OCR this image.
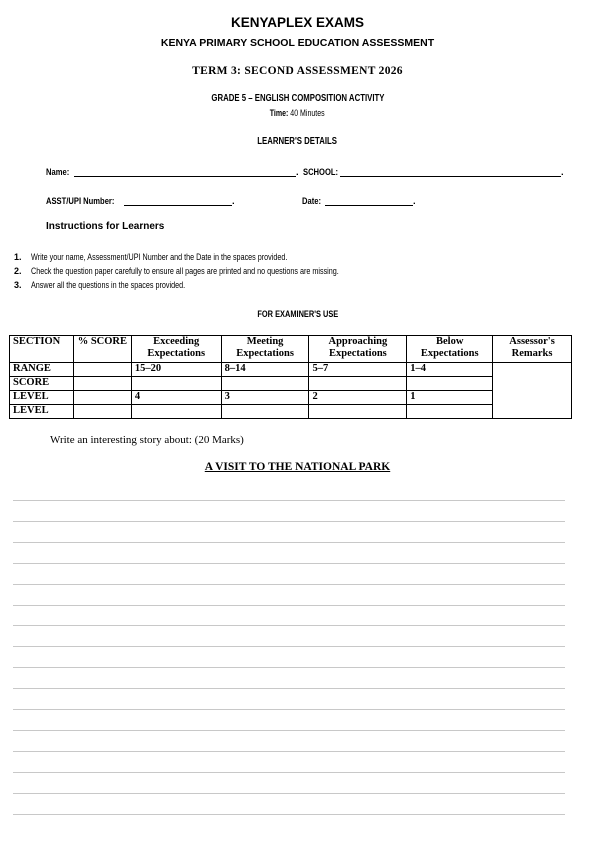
KENYAPLEX EXAMS
KENYA PRIMARY SCHOOL EDUCATION ASSESSMENT
TERM 3: SECOND ASSESSMENT 2026
GRADE 5 – ENGLISH COMPOSITION ACTIVITY
Time: 40 Minutes
LEARNER'S DETAILS
Name:	. SCHOOL:	.
ASST/UPI Number:	.	Date:	.
Instructions for Learners
1. Write your name, Assessment/UPI Number and the Date in the spaces provided.
2. Check the question paper carefully to ensure all pages are printed and no questions are missing.
3. Answer all the questions in the spaces provided.
FOR EXAMINER'S USE
SECTION	% SCORE	Exceeding Expectations	Meeting Expectations	Approaching Expectations	Below Expectations	Assessor's Remarks
RANGE		15–20	8–14	5–7	1–4	
SCORE						
LEVEL		4	3	2	1	
LEVEL						
Write an interesting story about: (20 Marks)
A VISIT TO THE NATIONAL PARK
